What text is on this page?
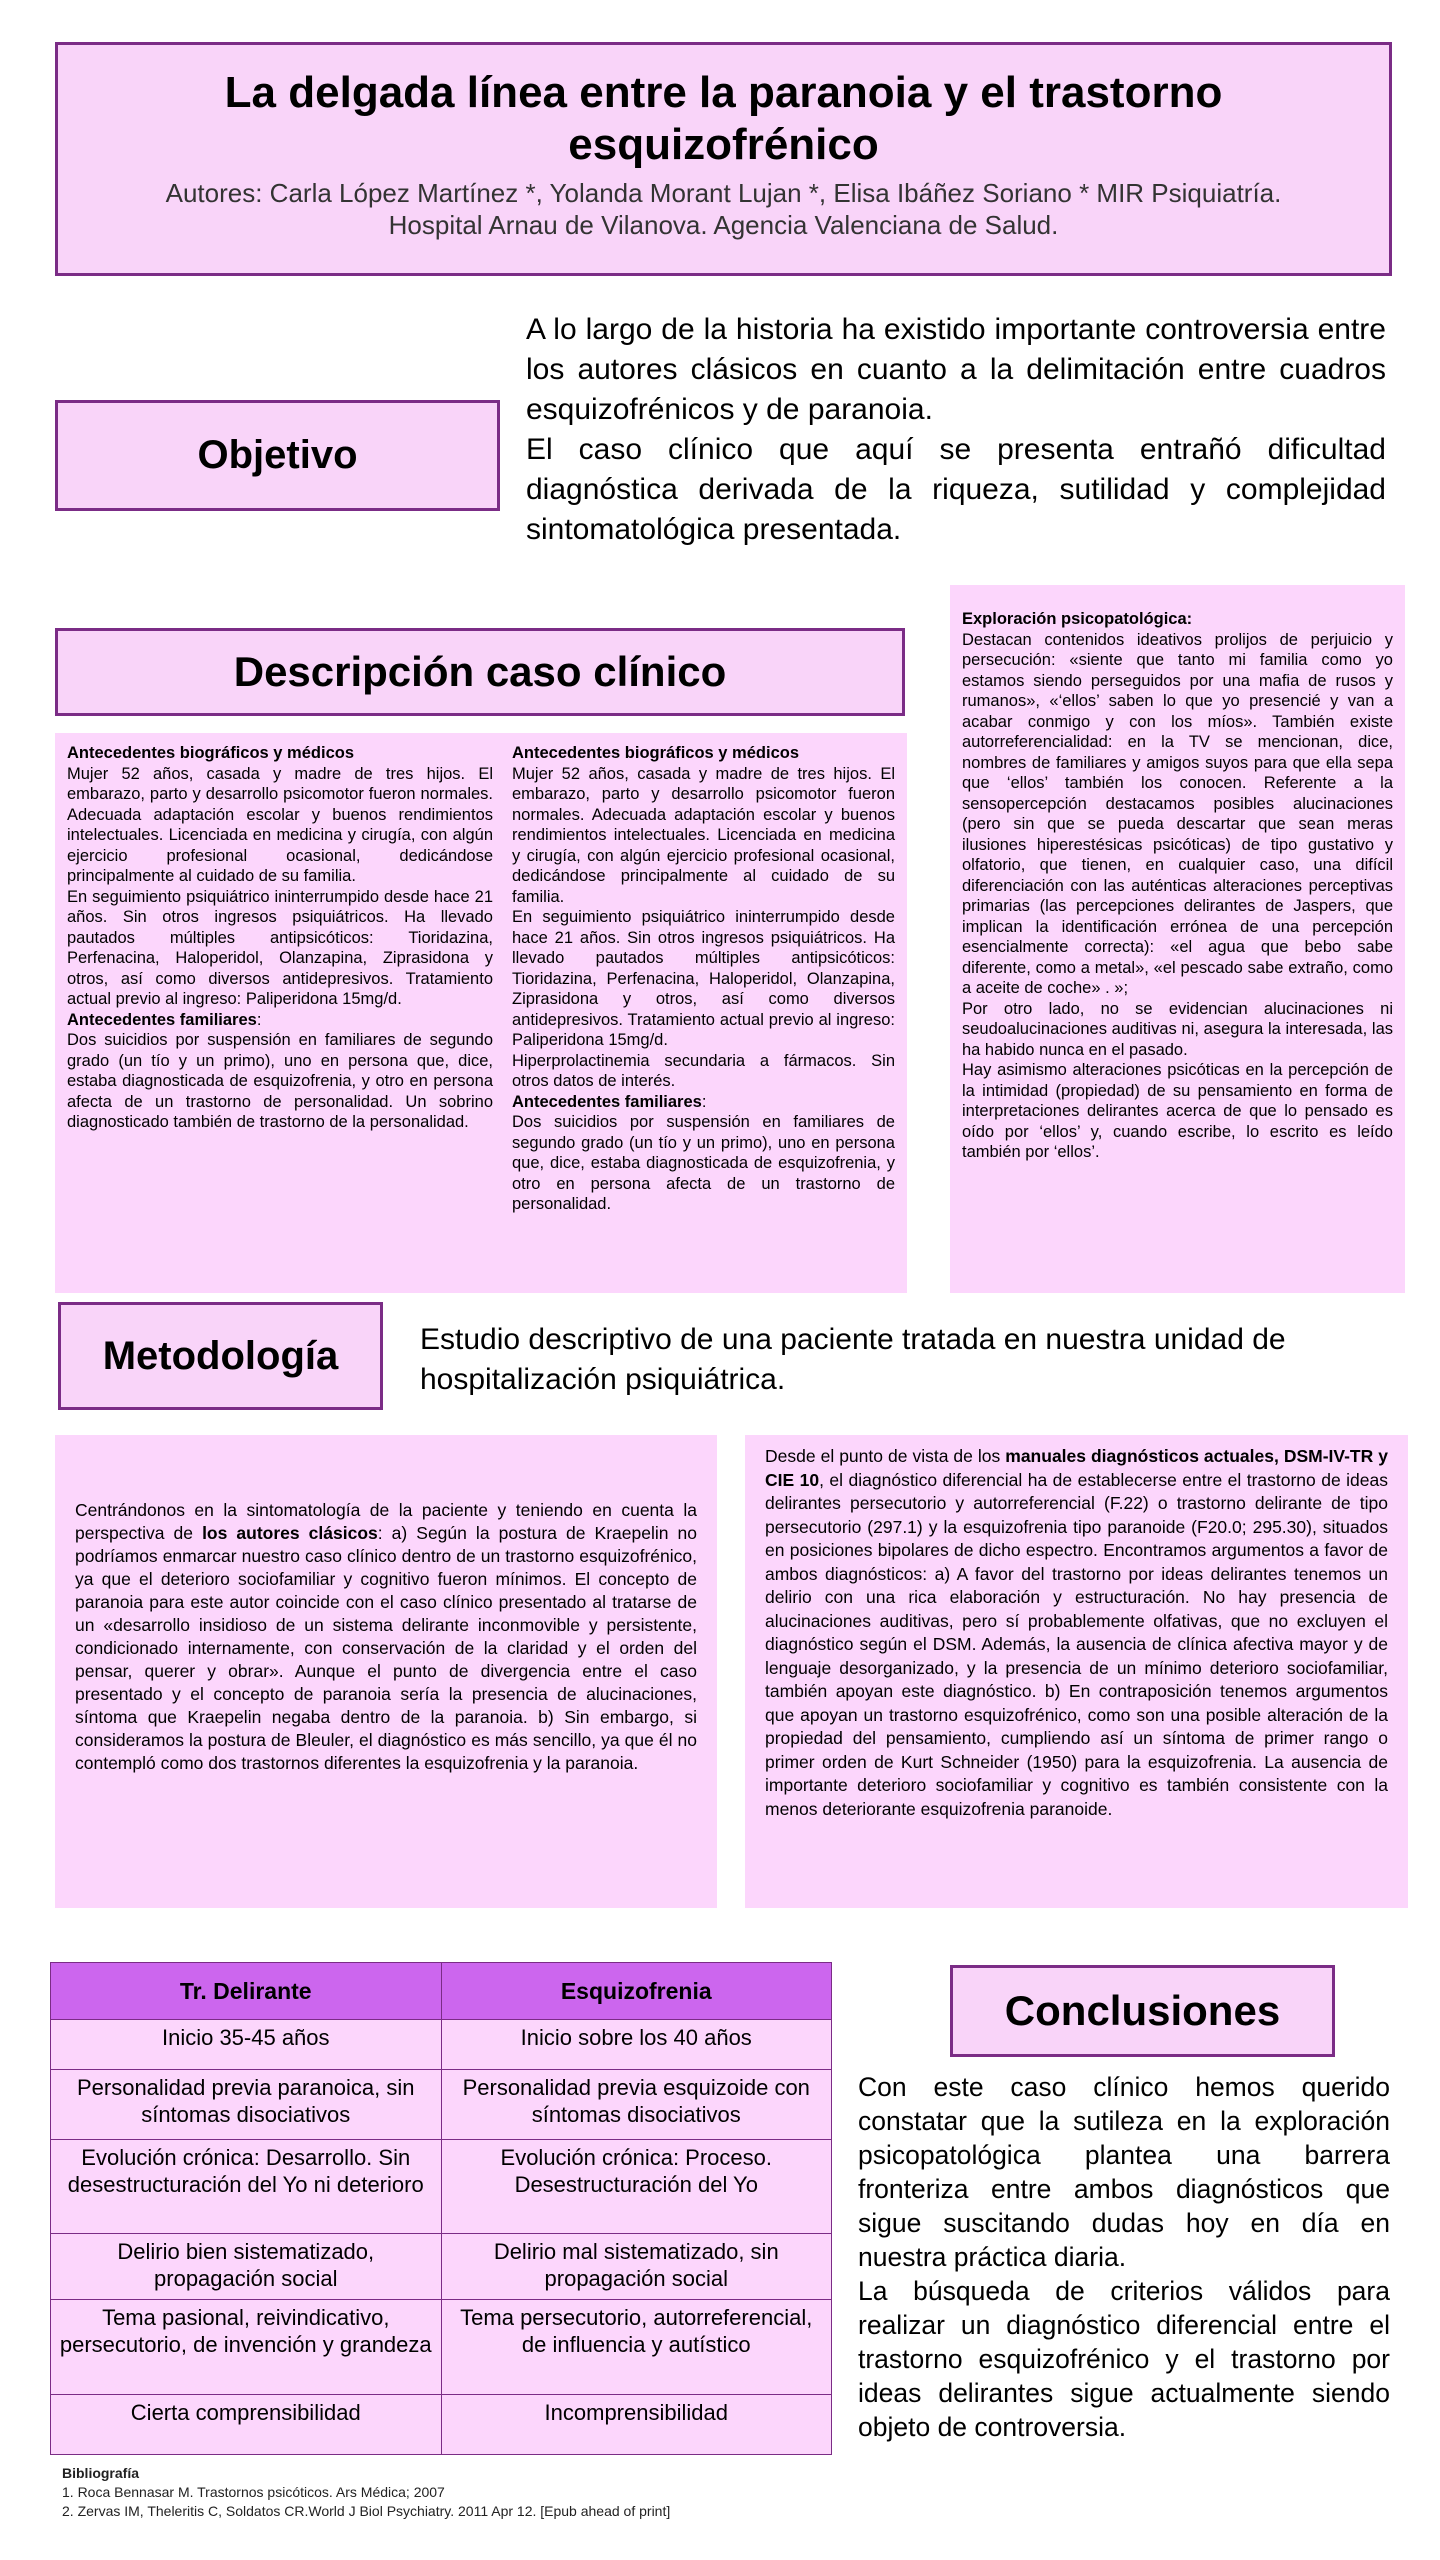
La delgada línea entre la paranoia y el trastorno esquizofrénico
Autores: Carla López Martínez *, Yolanda Morant Lujan *, Elisa Ibáñez Soriano * MIR Psiquiatría.
Hospital Arnau de Vilanova. Agencia Valenciana de Salud.
Objetivo

A lo largo de la historia ha existido importante controversia entre los autores clásicos en cuanto a la delimitación entre cuadros esquizofrénicos y de paranoia.

El caso clínico que aquí se presenta entrañó dificultad diagnóstica derivada de la riqueza, sutilidad y complejidad sintomatológica presentada.

Descripción caso clínico

Antecedentes biográficos y médicos

Mujer 52 años, casada y madre de tres hijos. El embarazo, parto y desarrollo psicomotor fueron normales. Adecuada adaptación escolar y buenos rendimientos intelectuales. Licenciada en medicina y cirugía, con algún ejercicio profesional ocasional, dedicándose principalmente al cuidado de su familia.

En seguimiento psiquiátrico ininterrumpido desde hace 21 años. Sin otros ingresos psiquiátricos. Ha llevado pautados múltiples antipsicóticos: Tioridazina, Perfenacina, Haloperidol, Olanzapina, Ziprasidona y otros, así como diversos antidepresivos. Tratamiento actual previo al ingreso: Paliperidona 15mg/d.

Antecedentes familiares:

Dos suicidios por suspensión en familiares de segundo grado (un tío y un primo), uno en persona que, dice, estaba diagnosticada de esquizofrenia, y otro en persona afecta de un trastorno de personalidad. Un sobrino diagnosticado también de trastorno de la personalidad.

Antecedentes biográficos y médicos

Mujer 52 años, casada y madre de tres hijos. El embarazo, parto y desarrollo psicomotor fueron normales. Adecuada adaptación escolar y buenos rendimientos intelectuales. Licenciada en medicina y cirugía, con algún ejercicio profesional ocasional, dedicándose principalmente al cuidado de su familia.

En seguimiento psiquiátrico ininterrumpido desde hace 21 años. Sin otros ingresos psiquiátricos. Ha llevado pautados múltiples antipsicóticos: Tioridazina, Perfenacina, Haloperidol, Olanzapina, Ziprasidona y otros, así como diversos antidepresivos. Tratamiento actual previo al ingreso: Paliperidona 15mg/d.

Hiperprolactinemia secundaria a fármacos. Sin otros datos de interés.

Antecedentes familiares:

Dos suicidios por suspensión en familiares de segundo grado (un tío y un primo), uno en persona que, dice, estaba diagnosticada de esquizofrenia, y otro en persona afecta de un trastorno de personalidad.

Exploración psicopatológica:

Destacan contenidos ideativos prolijos de perjuicio y persecución: «siente que tanto mi familia como yo estamos siendo perseguidos por una mafia de rusos y rumanos», «‘ellos’ saben lo que yo presencié y van a acabar conmigo y con los míos». También existe autorreferencialidad: en la TV se mencionan, dice, nombres de familiares y amigos suyos para que ella sepa que ‘ellos’ también los conocen. Referente a la sensopercepción destacamos posibles alucinaciones (pero sin que se pueda descartar que sean meras ilusiones hiperestésicas psicóticas) de tipo gustativo y olfatorio, que tienen, en cualquier caso, una difícil diferenciación con las auténticas alteraciones perceptivas primarias (las percepciones delirantes de Jaspers, que implican la identificación errónea de una percepción esencialmente correcta): «el agua que bebo sabe diferente, como a metal», «el pescado sabe extraño, como a aceite de coche» . »;

Por otro lado, no se evidencian alucinaciones ni seudoalucinaciones auditivas ni, asegura la interesada, las ha habido nunca en el pasado.

Hay asimismo alteraciones psicóticas en la percepción de la intimidad (propiedad) de su pensamiento en forma de interpretaciones delirantes acerca de que lo pensado es oído por ‘ellos’ y, cuando escribe, lo escrito es leído también por ‘ellos’.

Metodología	Estudio descriptivo de una paciente tratada en nuestra unidad de hospitalización psiquiátrica.

Centrándonos en la sintomatología de la paciente y teniendo en cuenta la perspectiva de los autores clásicos: a) Según la postura de Kraepelin no podríamos enmarcar nuestro caso clínico dentro de un trastorno esquizofrénico, ya que el deterioro sociofamiliar y cognitivo fueron mínimos. El concepto de paranoia para este autor coincide con el caso clínico presentado al tratarse de un «desarrollo insidioso de un sistema delirante inconmovible y persistente, condicionado internamente, con conservación de la claridad y el orden del pensar, querer y obrar». Aunque el punto de divergencia entre el caso presentado y el concepto de paranoia sería la presencia de alucinaciones, síntoma que Kraepelin negaba dentro de la paranoia. b) Sin embargo, si consideramos la postura de Bleuler, el diagnóstico es más sencillo, ya que él no contempló como dos trastornos diferentes la esquizofrenia y la paranoia.

Desde el punto de vista de los manuales diagnósticos actuales, DSM-IV-TR y CIE 10, el diagnóstico diferencial ha de establecerse entre el trastorno de ideas delirantes persecutorio y autorreferencial (F.22) o trastorno delirante de tipo persecutorio (297.1) y la esquizofrenia tipo paranoide (F20.0; 295.30), situados en posiciones bipolares de dicho espectro. Encontramos argumentos a favor de ambos diagnósticos: a) A favor del trastorno por ideas delirantes tenemos un delirio con una rica elaboración y estructuración. No hay presencia de alucinaciones auditivas, pero sí probablemente olfativas, que no excluyen el diagnóstico según el DSM. Además, la ausencia de clínica afectiva mayor y de lenguaje desorganizado, y la presencia de un mínimo deterioro sociofamiliar, también apoyan este diagnóstico. b) En contraposición tenemos argumentos que apoyan un trastorno esquizofrénico, como son una posible alteración de la propiedad del pensamiento, cumpliendo así un síntoma de primer rango o primer orden de Kurt Schneider (1950) para la esquizofrenia. La ausencia de importante deterioro sociofamiliar y cognitivo es también consistente con la menos deteriorante esquizofrenia paranoide.

Tr. Delirante	Esquizofrenia
Inicio 35-45 años	Inicio sobre los 40 años
Personalidad previa paranoica, sin síntomas disociativos	Personalidad previa esquizoide con síntomas disociativos
Evolución crónica: Desarrollo. Sin desestructuración del Yo ni deterioro	Evolución crónica: Proceso. Desestructuración del Yo
Delirio bien sistematizado, propagación social	Delirio mal sistematizado, sin propagación social
Tema pasional, reivindicativo, persecutorio, de invención y grandeza	Tema persecutorio, autorreferencial, de influencia y autístico
Cierta comprensibilidad	Incomprensibilidad
Conclusiones

Con este caso clínico hemos querido constatar que la sutileza en la exploración psicopatológica plantea una barrera fronteriza entre ambos diagnósticos que sigue suscitando dudas hoy en día en nuestra práctica diaria.

La búsqueda de criterios válidos para realizar un diagnóstico diferencial entre el trastorno esquizofrénico y el trastorno por ideas delirantes sigue actualmente siendo objeto de controversia.

Bibliografía
1. Roca Bennasar M. Trastornos psicóticos. Ars Médica; 2007
2. Zervas IM, Theleritis C, Soldatos CR.World J Biol Psychiatry. 2011 Apr 12. [Epub ahead of print]
